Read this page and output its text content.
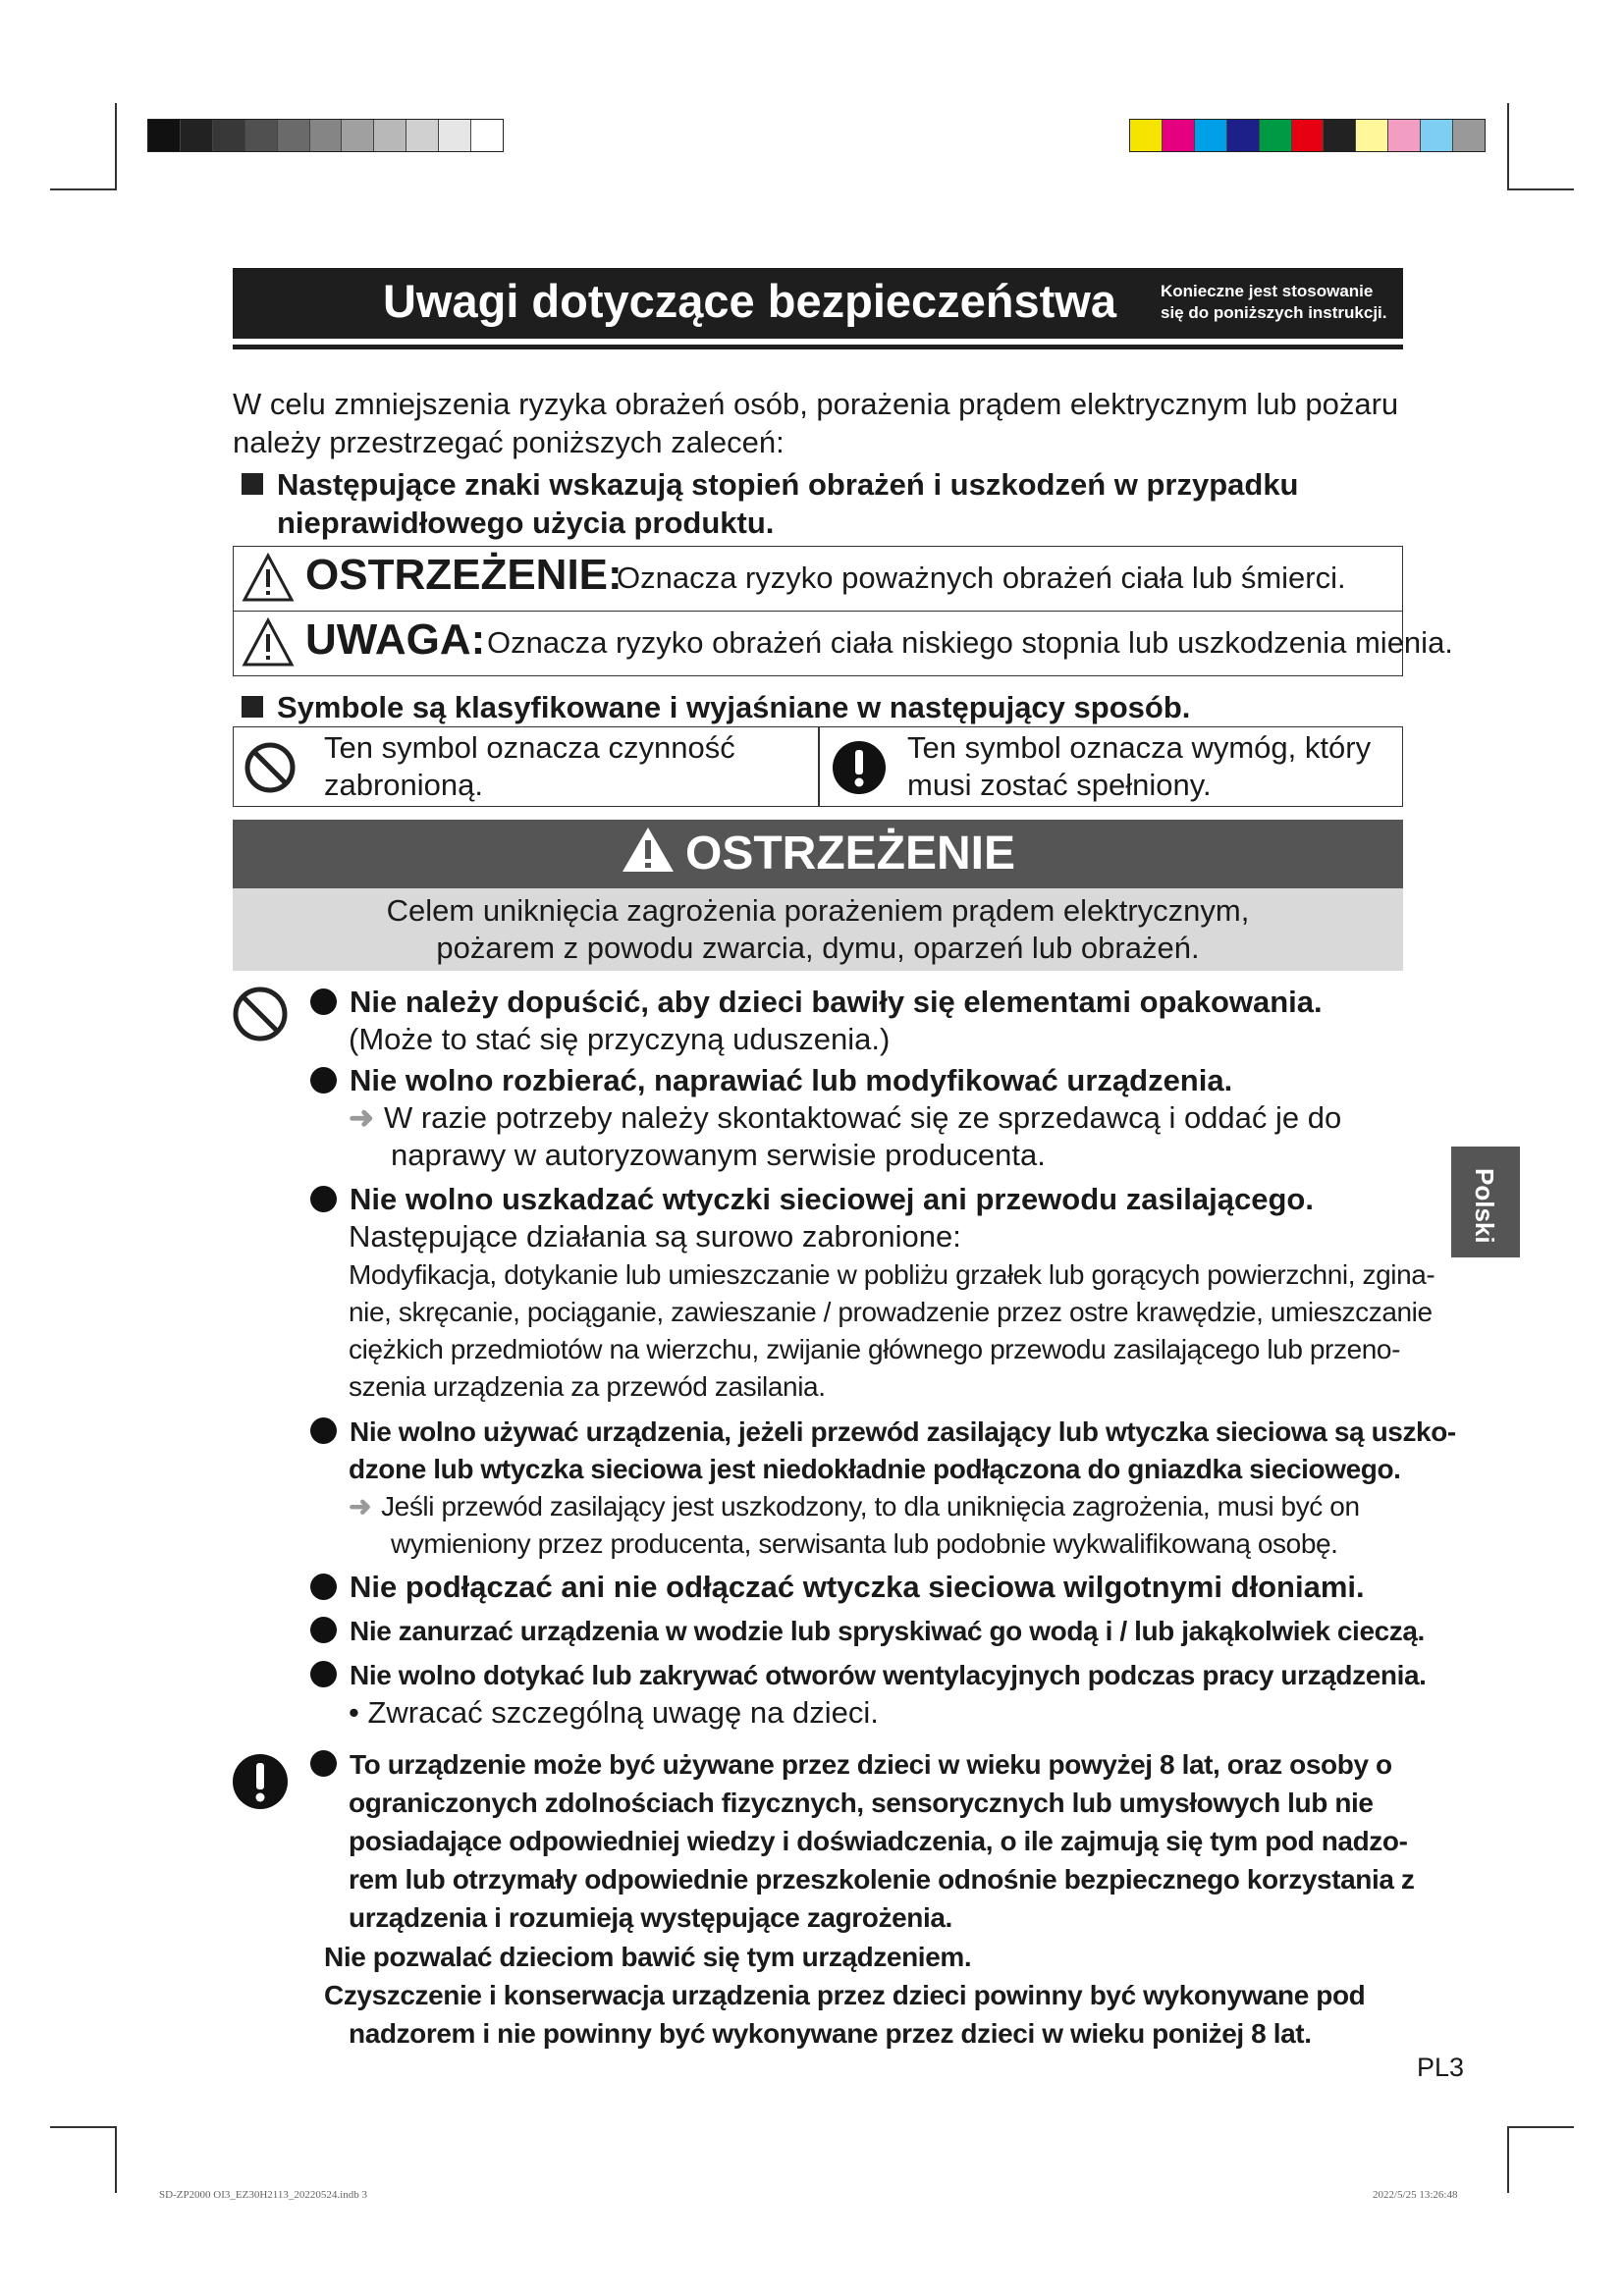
Uwagi dotyczące bezpieczeństwa	Konieczne jest stosowanie
się do poniższych instrukcji.
W celu zmniejszenia ryzyka obrażeń osób, porażenia prądem elektrycznym lub pożaru
należy przestrzegać poniższych zaleceń:
Następujące znaki wskazują stopień obrażeń i uszkodzeń w przypadku
nieprawidłowego użycia produktu.
OSTRZEŻENIE:
Oznacza ryzyko poważnych obrażeń ciała lub śmierci.
UWAGA: Oznacza ryzyko obrażeń ciała niskiego stopnia lub uszkodzenia mienia.
Symbole są klasyfikowane i wyjaśniane w następujący sposób.
Ten symbol oznacza czynność
zabronioną.
Ten symbol oznacza wymóg, który
musi zostać spełniony.
OSTRZEŻENIE
Celem uniknięcia zagrożenia porażeniem prądem elektrycznym,
pożarem z powodu zwarcia, dymu, oparzeń lub obrażeń.
Nie należy dopuścić, aby dzieci bawiły się elementami opakowania.
(Może to stać się przyczyną uduszenia.)
Nie wolno rozbierać, naprawiać lub modyfikować urządzenia.
➜ W razie potrzeby należy skontaktować się ze sprzedawcą i oddać je do
naprawy w autoryzowanym serwisie producenta.
Nie wolno uszkadzać wtyczki sieciowej ani przewodu zasilającego.
Następujące działania są surowo zabronione:
Modyfikacja, dotykanie lub umieszczanie w pobliżu grzałek lub gorących powierzchni, zgina-
nie, skręcanie, pociąganie, zawieszanie / prowadzenie przez ostre krawędzie, umieszczanie
ciężkich przedmiotów na wierzchu, zwijanie głównego przewodu zasilającego lub przeno-
szenia urządzenia za przewód zasilania.
Nie wolno używać urządzenia, jeżeli przewód zasilający lub wtyczka sieciowa są uszko-
dzone lub wtyczka sieciowa jest niedokładnie podłączona do gniazdka sieciowego.
➜ Jeśli przewód zasilający jest uszkodzony, to dla uniknięcia zagrożenia, musi być on
wymieniony przez producenta, serwisanta lub podobnie wykwalifikowaną osobę.
Nie podłączać ani nie odłączać wtyczka sieciowa wilgotnymi dłoniami.
Nie zanurzać urządzenia w wodzie lub spryskiwać go wodą i / lub jakąkolwiek cieczą.
Nie wolno dotykać lub zakrywać otworów wentylacyjnych podczas pracy urządzenia.
• Zwracać szczególną uwagę na dzieci.
To urządzenie może być używane przez dzieci w wieku powyżej 8 lat, oraz osoby o
ograniczonych zdolnościach fizycznych, sensorycznych lub umysłowych lub nie
posiadające odpowiedniej wiedzy i doświadczenia, o ile zajmują się tym pod nadzo-
rem lub otrzymały odpowiednie przeszkolenie odnośnie bezpiecznego korzystania z
urządzenia i rozumieją występujące zagrożenia.
Nie pozwalać dzieciom bawić się tym urządzeniem.
Czyszczenie i konserwacja urządzenia przez dzieci powinny być wykonywane pod
nadzorem i nie powinny być wykonywane przez dzieci w wieku poniżej 8 lat.
Polski
PL3
SD-ZP2000 OI3_EZ30H2113_20220524.indb 3	2022/5/25 13:26:48
